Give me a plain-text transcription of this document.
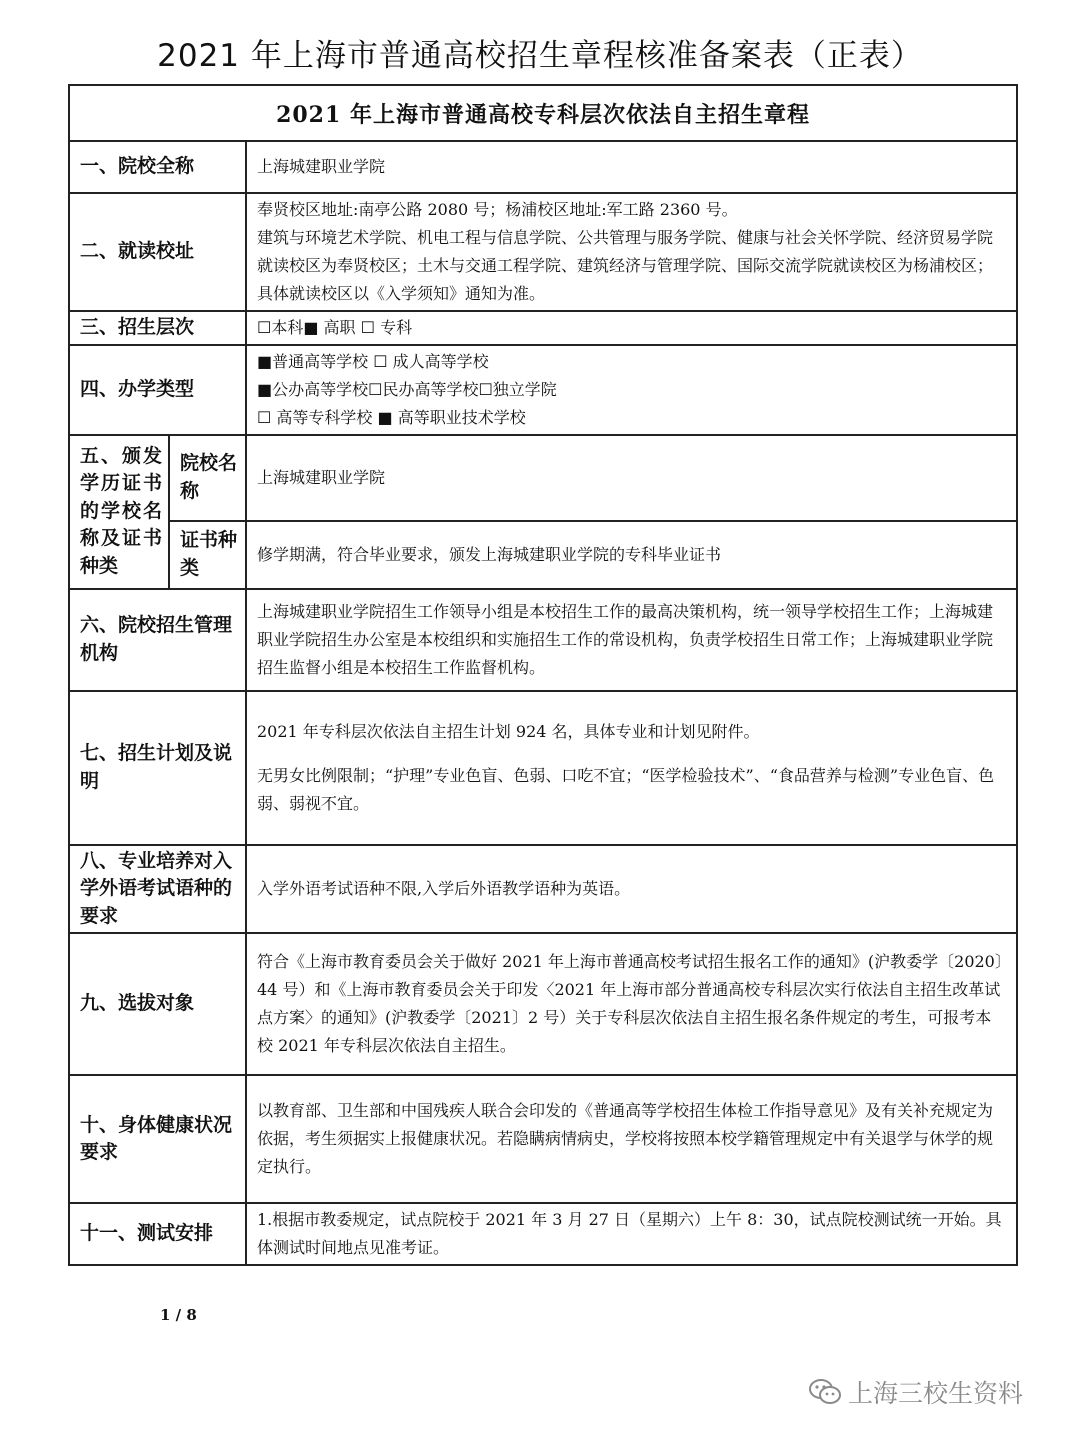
2021 年上海市普通高校招生章程核准备案表（正表）
2021 年上海市普通高校专科层次依法自主招生章程		
一、院校全称		上海城建职业学院
二、就读校址		奉贤校区地址:南亭公路 2080 号；杨浦校区地址:军工路 2360 号。

建筑与环境艺术学院、机电工程与信息学院、公共管理与服务学院、健康与社会关怀学院、经济贸易学院就读校区为奉贤校区；土木与交通工程学院、建筑经济与管理学院、国际交流学院就读校区为杨浦校区；具体就读校区以《入学须知》通知为准。

三、招生层次		☐本科■ 高职 ☐ 专科
四、办学类型		■普通高等学校 ☐ 成人高等学校

■公办高等学校☐民办高等学校☐独立学院

☐ 高等专科学校 ■ 高等职业技术学校

五、颁发学历证书的学校名称及证书种类	院校名称	上海城建职业学院
	证书种类	修学期满，符合毕业要求，颁发上海城建职业学院的专科毕业证书
六、院校招生管理机构		上海城建职业学院招生工作领导小组是本校招生工作的最高决策机构，统一领导学校招生工作；上海城建职业学院招生办公室是本校组织和实施招生工作的常设机构，负责学校招生日常工作；上海城建职业学院招生监督小组是本校招生工作监督机构。
七、招生计划及说明		2021 年专科层次依法自主招生计划 924 名，具体专业和计划见附件。

无男女比例限制；“护理”专业色盲、色弱、口吃不宜；“医学检验技术”、“食品营养与检测”专业色盲、色弱、弱视不宜。

八、专业培养对入学外语考试语种的要求		入学外语考试语种不限,入学后外语教学语种为英语。
九、选拔对象		符合《上海市教育委员会关于做好 2021 年上海市普通高校考试招生报名工作的通知》(沪教委学〔2020〕44 号）和《上海市教育委员会关于印发〈2021 年上海市部分普通高校专科层次实行依法自主招生改革试点方案〉的通知》(沪教委学〔2021〕2 号）关于专科层次依法自主招生报名条件规定的考生，可报考本校 2021 年专科层次依法自主招生。
十、身体健康状况要求		以教育部、卫生部和中国残疾人联合会印发的《普通高等学校招生体检工作指导意见》及有关补充规定为依据，考生须据实上报健康状况。若隐瞒病情病史，学校将按照本校学籍管理规定中有关退学与休学的规定执行。
十一、测试安排		1.根据市教委规定，试点院校于 2021 年 3 月 27 日（星期六）上午 8：30，试点院校测试统一开始。具体测试时间地点见准考证。
1 / 8
上海三校生资料
